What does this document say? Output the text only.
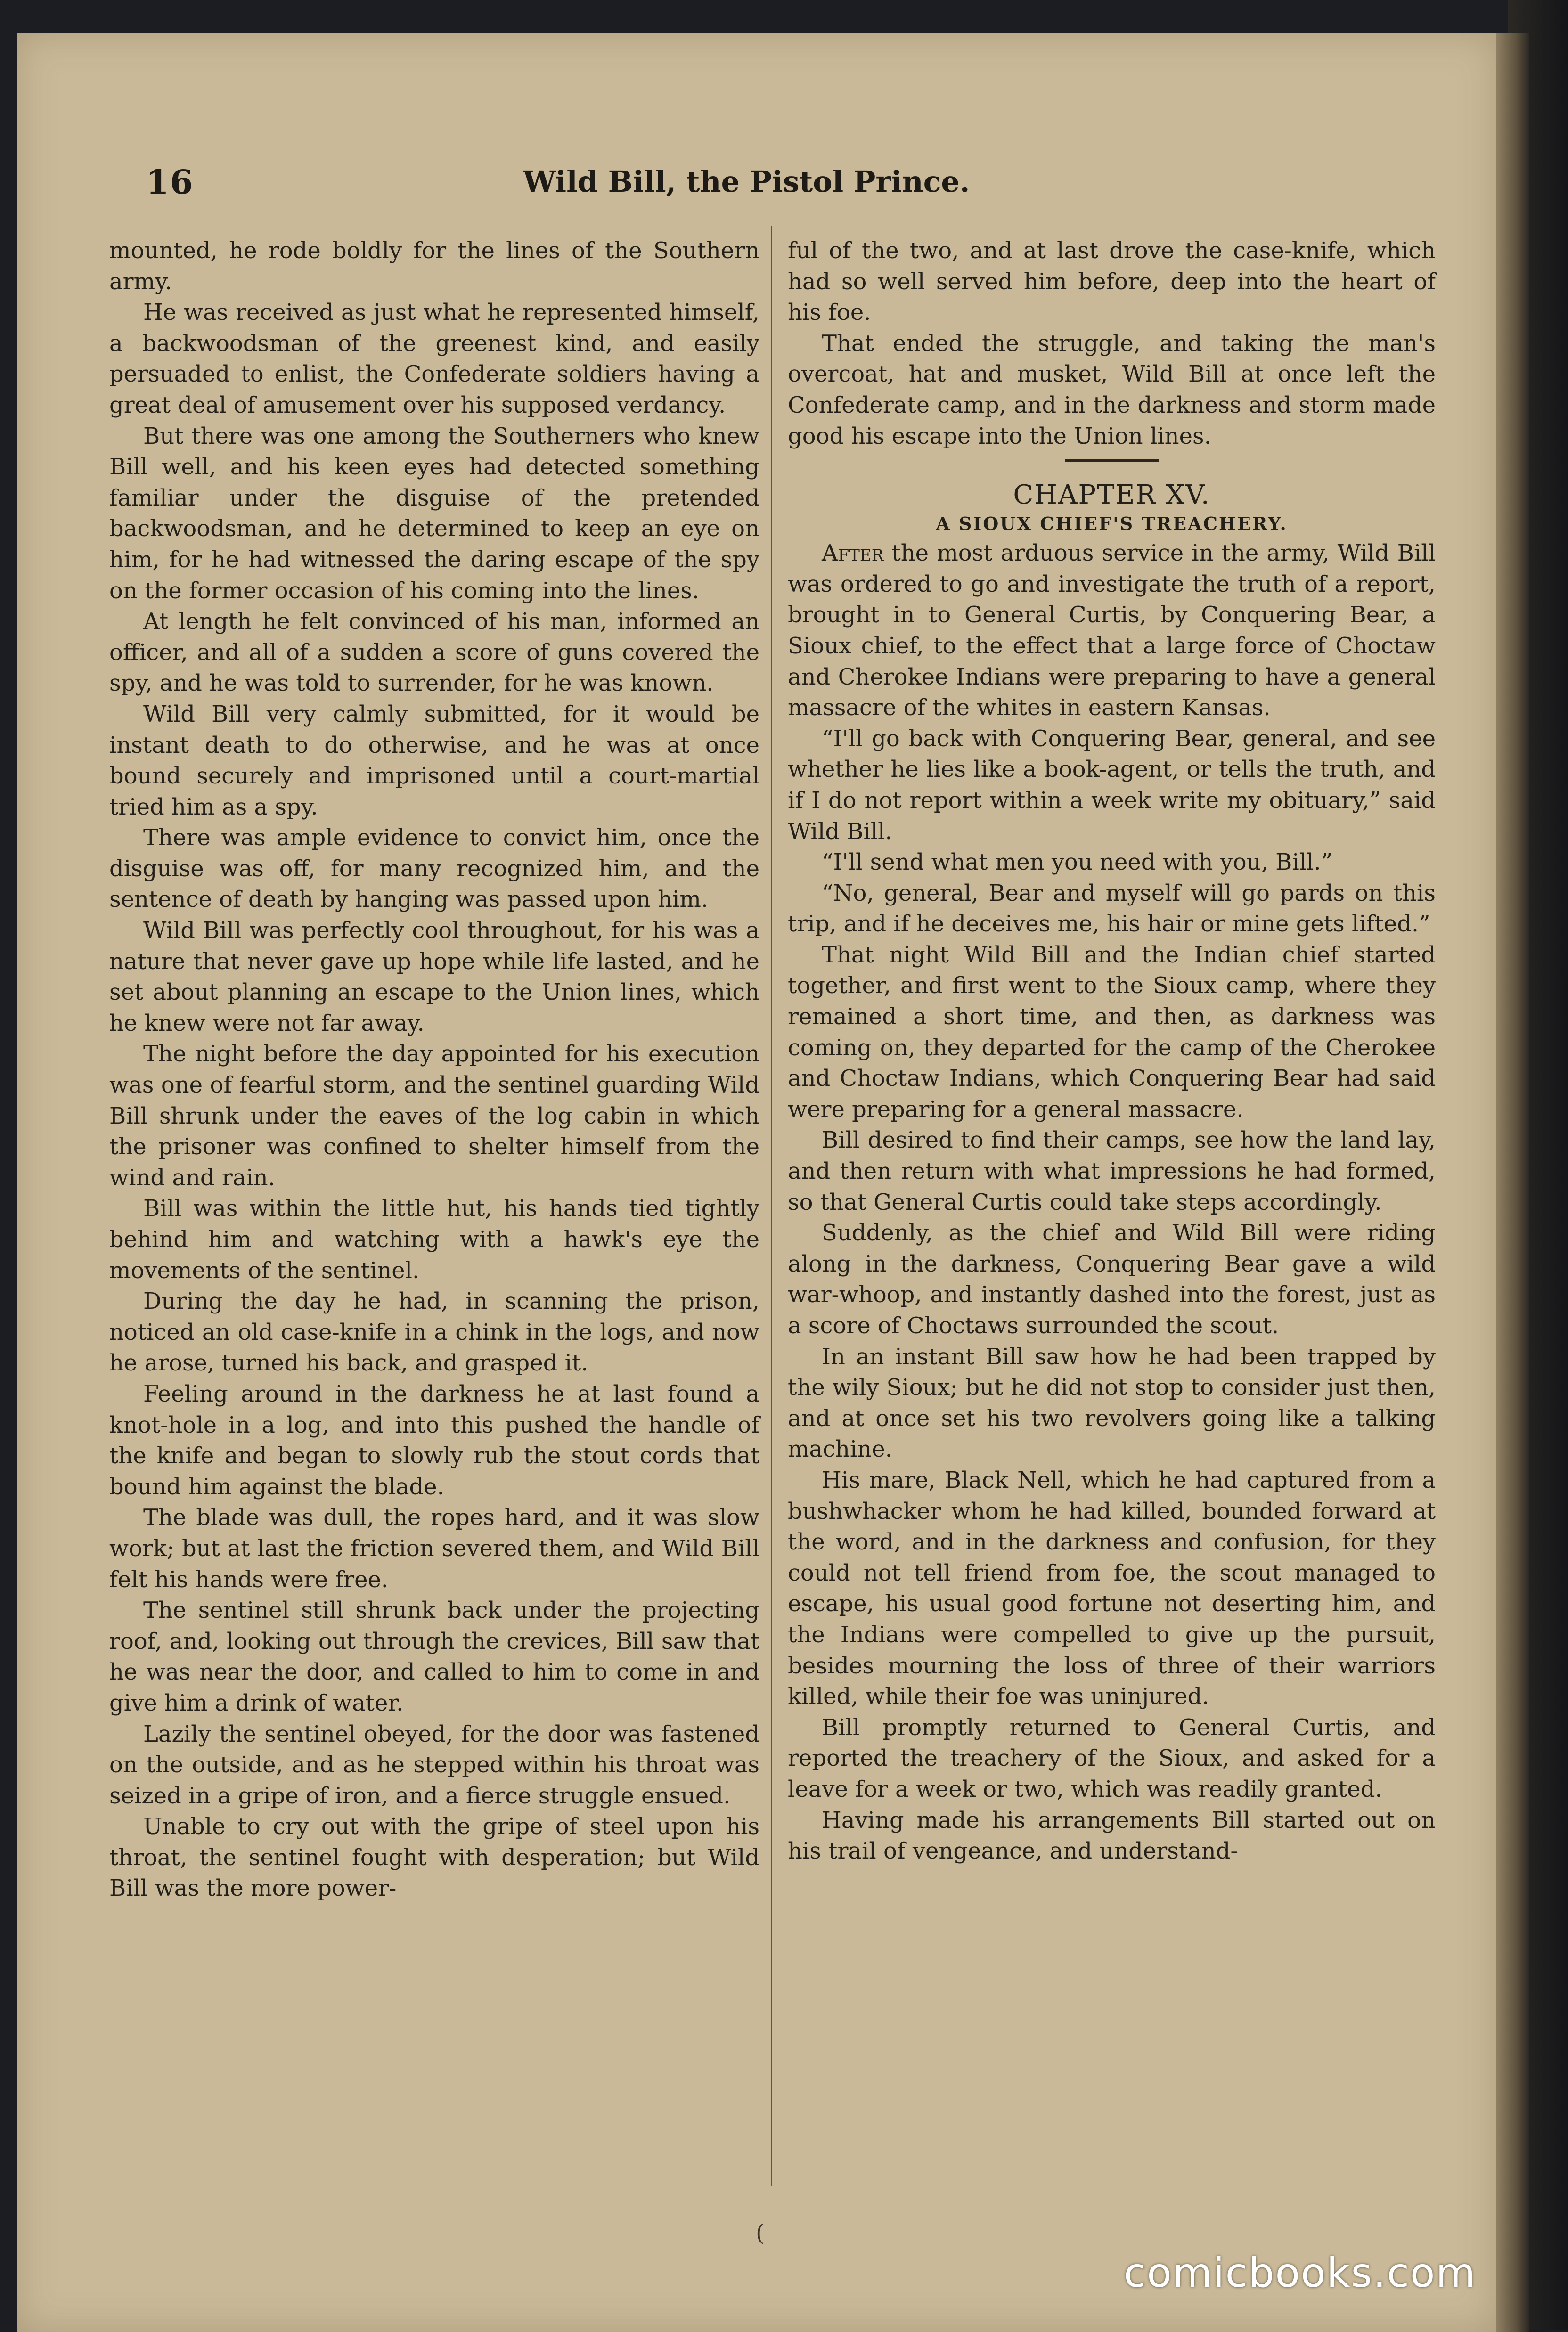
16	Wild Bill, the Pistol Prince.

mounted, he rode boldly for the lines of the Southern army.

He was received as just what he represented himself, a backwoodsman of the greenest kind, and easily persuaded to enlist, the Confederate soldiers having a great deal of amusement over his supposed verdancy.

But there was one among the Southerners who knew Bill well, and his keen eyes had detected something familiar under the disguise of the pretended backwoodsman, and he determined to keep an eye on him, for he had witnessed the daring escape of the spy on the former occasion of his coming into the lines.

At length he felt convinced of his man, informed an officer, and all of a sudden a score of guns covered the spy, and he was told to surrender, for he was known.

Wild Bill very calmly submitted, for it would be instant death to do otherwise, and he was at once bound securely and imprisoned until a court-martial tried him as a spy.

There was ample evidence to convict him, once the disguise was off, for many recognized him, and the sentence of death by hanging was passed upon him.

Wild Bill was perfectly cool throughout, for his was a nature that never gave up hope while life lasted, and he set about planning an escape to the Union lines, which he knew were not far away.

The night before the day appointed for his execution was one of fearful storm, and the sentinel guarding Wild Bill shrunk under the eaves of the log cabin in which the prisoner was confined to shelter himself from the wind and rain.

Bill was within the little hut, his hands tied tightly behind him and watching with a hawk's eye the movements of the sentinel.

During the day he had, in scanning the prison, noticed an old case-knife in a chink in the logs, and now he arose, turned his back, and grasped it.

Feeling around in the darkness he at last found a knot-hole in a log, and into this pushed the handle of the knife and began to slowly rub the stout cords that bound him against the blade.

The blade was dull, the ropes hard, and it was slow work; but at last the friction severed them, and Wild Bill felt his hands were free.

The sentinel still shrunk back under the projecting roof, and, looking out through the crevices, Bill saw that he was near the door, and called to him to come in and give him a drink of water.

Lazily the sentinel obeyed, for the door was fastened on the outside, and as he stepped within his throat was seized in a gripe of iron, and a fierce struggle ensued.

Unable to cry out with the gripe of steel upon his throat, the sentinel fought with desperation; but Wild Bill was the more power-

ful of the two, and at last drove the case-knife, which had so well served him before, deep into the heart of his foe.

That ended the struggle, and taking the man's overcoat, hat and musket, Wild Bill at once left the Confederate camp, and in the darkness and storm made good his escape into the Union lines.

CHAPTER XV.
A SIOUX CHIEF'S TREACHERY.

After the most arduous service in the army, Wild Bill was ordered to go and investigate the truth of a report, brought in to General Curtis, by Conquering Bear, a Sioux chief, to the effect that a large force of Choctaw and Cherokee Indians were preparing to have a general massacre of the whites in eastern Kansas.

“I'll go back with Conquering Bear, general, and see whether he lies like a book-agent, or tells the truth, and if I do not report within a week write my obituary,” said Wild Bill.

“I'll send what men you need with you, Bill.”

“No, general, Bear and myself will go pards on this trip, and if he deceives me, his hair or mine gets lifted.”

That night Wild Bill and the Indian chief started together, and first went to the Sioux camp, where they remained a short time, and then, as darkness was coming on, they departed for the camp of the Cherokee and Choctaw Indians, which Conquering Bear had said were preparing for a general massacre.

Bill desired to find their camps, see how the land lay, and then return with what impressions he had formed, so that General Curtis could take steps accordingly.

Suddenly, as the chief and Wild Bill were riding along in the darkness, Conquering Bear gave a wild war-whoop, and instantly dashed into the forest, just as a score of Choctaws surrounded the scout.

In an instant Bill saw how he had been trapped by the wily Sioux; but he did not stop to consider just then, and at once set his two revolvers going like a talking machine.

His mare, Black Nell, which he had captured from a bushwhacker whom he had killed, bounded forward at the word, and in the darkness and confusion, for they could not tell friend from foe, the scout managed to escape, his usual good fortune not deserting him, and the Indians were compelled to give up the pursuit, besides mourning the loss of three of their warriors killed, while their foe was uninjured.

Bill promptly returned to General Curtis, and reported the treachery of the Sioux, and asked for a leave for a week or two, which was readily granted.

Having made his arrangements Bill started out on his trail of vengeance, and understand-

(
comicbooks.com
